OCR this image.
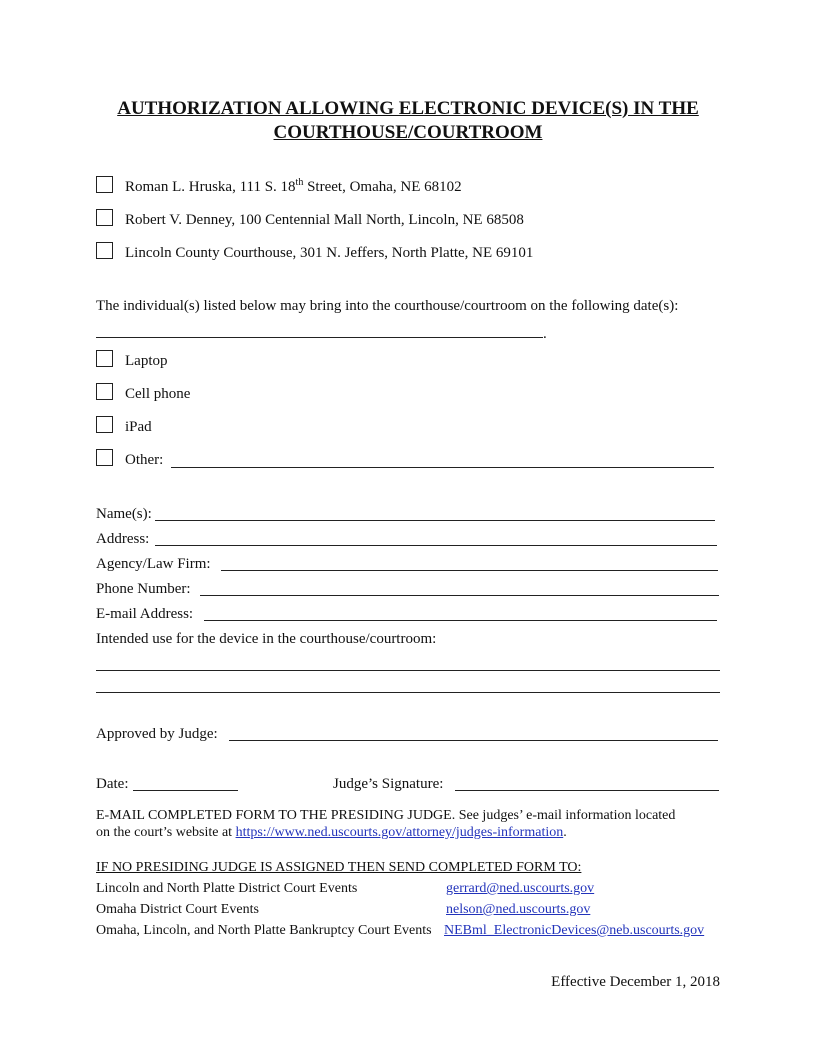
AUTHORIZATION ALLOWING ELECTRONIC DEVICE(S) IN THE
COURTHOUSE/COURTROOM
Roman L. Hruska, 111 S. 18th Street, Omaha, NE 68102
Robert V. Denney, 100 Centennial Mall North, Lincoln, NE 68508
Lincoln County Courthouse, 301 N. Jeffers, North Platte, NE 69101
The individual(s) listed below may bring into the courthouse/courtroom on the following date(s):
.
Laptop
Cell phone
iPad
Other:
Name(s):
Address:
Agency/Law Firm:
Phone Number:
E-mail Address:
Intended use for the device in the courthouse/courtroom:
Approved by Judge:
Date:	Judge’s Signature:
E-MAIL COMPLETED FORM TO THE PRESIDING JUDGE. See judges’ e-mail information located
on the court’s website at https://www.ned.uscourts.gov/attorney/judges-information.
IF NO PRESIDING JUDGE IS ASSIGNED THEN SEND COMPLETED FORM TO:
Lincoln and North Platte District Court Events	gerrard@ned.uscourts.gov
Omaha District Court Events	nelson@ned.uscourts.gov
Omaha, Lincoln, and North Platte Bankruptcy Court Events NEBml_ElectronicDevices@neb.uscourts.gov
Effective December 1, 2018
